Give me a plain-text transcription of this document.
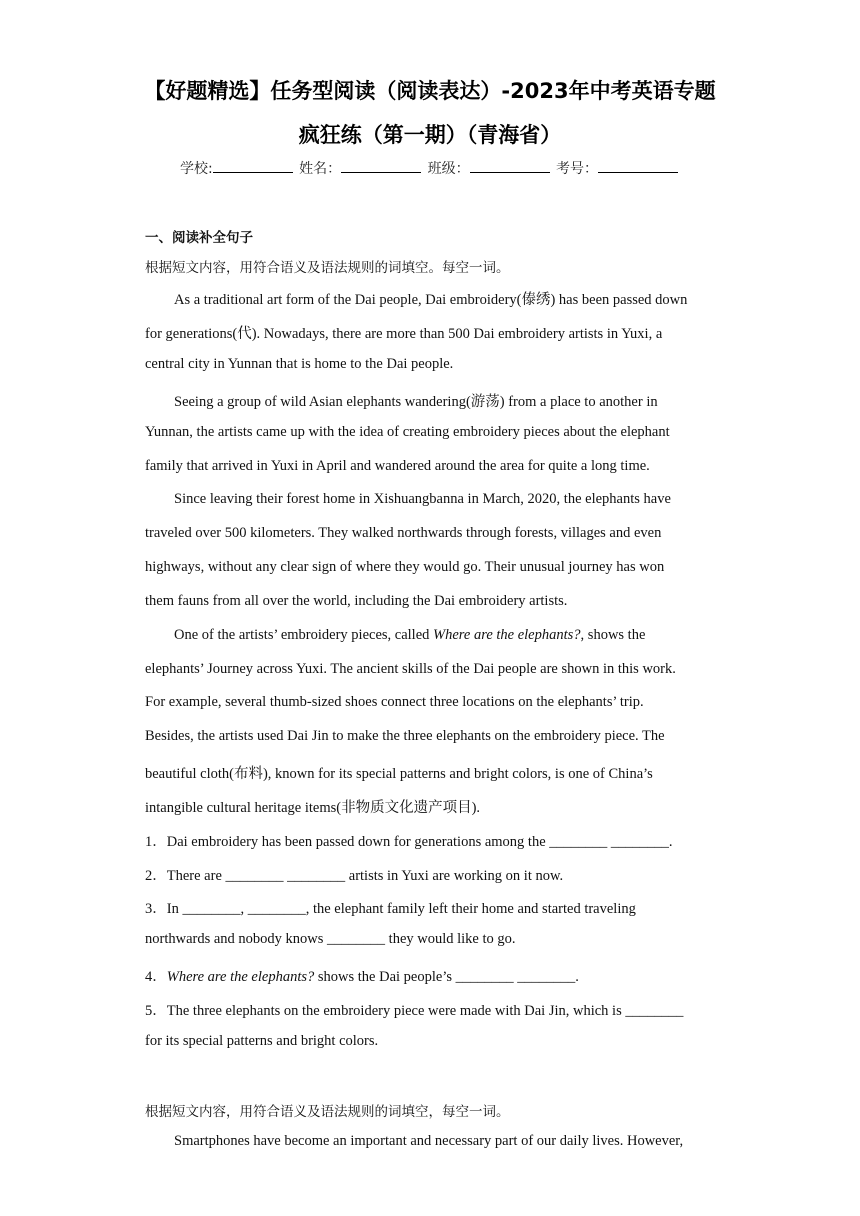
【好题精选】任务型阅读（阅读表达）-2023年中考英语专题
疯狂练（第一期）（青海省）
学校:	姓名：	班级：	考号：
一、阅读补全句子
根据短文内容，用符合语义及语法规则的词填空。每空一词。
As a traditional art form of the Dai people, Dai embroidery(傣绣) has been passed down
for generations(代). Nowadays, there are more than 500 Dai embroidery artists in Yuxi, a
central city in Yunnan that is home to the Dai people.
Seeing a group of wild Asian elephants wandering(游荡) from a place to another in
Yunnan, the artists came up with the idea of creating embroidery pieces about the elephant
family that arrived in Yuxi in April and wandered around the area for quite a long time.
Since leaving their forest home in Xishuangbanna in March, 2020, the elephants have
traveled over 500 kilometers. They walked northwards through forests, villages and even
highways, without any clear sign of where they would go. Their unusual journey has won
them fauns from all over the world, including the Dai embroidery artists.
One of the artists’ embroidery pieces, called Where are the elephants?, shows the
elephants’ Journey across Yuxi. The ancient skills of the Dai people are shown in this work.
For example, several thumb-sized shoes connect three locations on the elephants’ trip.
Besides, the artists used Dai Jin to make the three elephants on the embroidery piece. The
beautiful cloth(布料), known for its special patterns and bright colors, is one of China’s
intangible cultural heritage items(非物质文化遗产项目).
1．Dai embroidery has been passed down for generations among the ________ ________.
2．There are ________ ________ artists in Yuxi are working on it now.
3．In ________, ________, the elephant family left their home and started traveling
northwards and nobody knows ________ they would like to go.
4．Where are the elephants? shows the Dai people’s ________ ________.
5．The three elephants on the embroidery piece were made with Dai Jin, which is ________
for its special patterns and bright colors.
根据短文内容，用符合语义及语法规则的词填空，每空一词。
Smartphones have become an important and necessary part of our daily lives. However,
